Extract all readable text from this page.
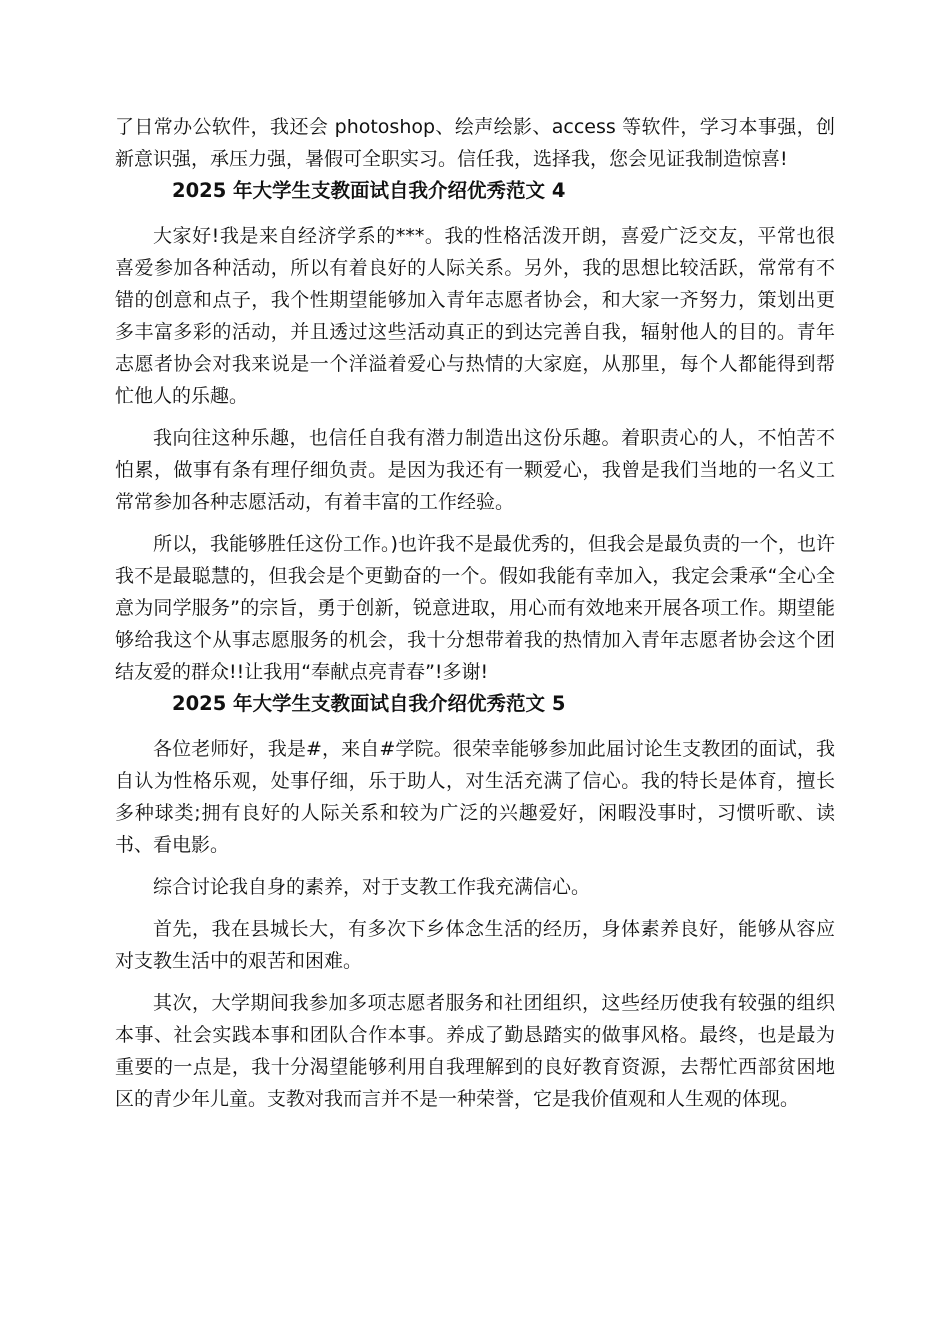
了日常办公软件，我还会 photoshop、绘声绘影、access 等软件，学习本事强，创新意识强，承压力强，暑假可全职实习。信任我，选择我，您会见证我制造惊喜!

2025 年大学生支教面试自我介绍优秀范文 4

大家好!我是来自经济学系的***。我的性格活泼开朗，喜爱广泛交友，平常也很喜爱参加各种活动，所以有着良好的人际关系。另外，我的思想比较活跃，常常有不错的创意和点子，我个性期望能够加入青年志愿者协会，和大家一齐努力，策划出更多丰富多彩的活动，并且透过这些活动真正的到达完善自我，辐射他人的目的。青年志愿者协会对我来说是一个洋溢着爱心与热情的大家庭，从那里，每个人都能得到帮忙他人的乐趣。

我向往这种乐趣，也信任自我有潜力制造出这份乐趣。着职责心的人，不怕苦不怕累，做事有条有理仔细负责。是因为我还有一颗爱心，我曾是我们当地的一名义工常常参加各种志愿活动，有着丰富的工作经验。

所以，我能够胜任这份工作。)也许我不是最优秀的，但我会是最负责的一个，也许我不是最聪慧的，但我会是个更勤奋的一个。假如我能有幸加入，我定会秉承“全心全意为同学服务”的宗旨，勇于创新，锐意进取，用心而有效地来开展各项工作。期望能够给我这个从事志愿服务的机会，我十分想带着我的热情加入青年志愿者协会这个团结友爱的群众!!让我用“奉献点亮青春”!多谢!

2025 年大学生支教面试自我介绍优秀范文 5

各位老师好，我是#，来自#学院。很荣幸能够参加此届讨论生支教团的面试，我自认为性格乐观，处事仔细，乐于助人，对生活充满了信心。我的特长是体育，擅长多种球类;拥有良好的人际关系和较为广泛的兴趣爱好，闲暇没事时，习惯听歌、读书、看电影。

综合讨论我自身的素养，对于支教工作我充满信心。

首先，我在县城长大，有多次下乡体念生活的经历，身体素养良好，能够从容应对支教生活中的艰苦和困难。

其次，大学期间我参加多项志愿者服务和社团组织，这些经历使我有较强的组织本事、社会实践本事和团队合作本事。养成了勤恳踏实的做事风格。最终，也是最为重要的一点是，我十分渴望能够利用自我理解到的良好教育资源，去帮忙西部贫困地区的青少年儿童。支教对我而言并不是一种荣誉，它是我价值观和人生观的体现。
